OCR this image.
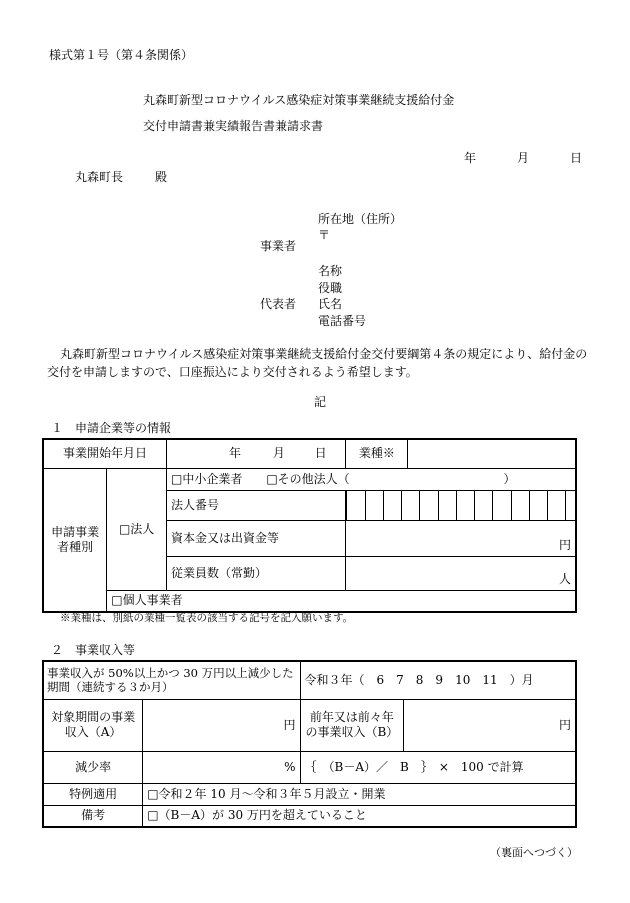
様式第１号（第４条関係）
丸森町新型コロナウイルス感染症対策事業継続支援給付金
交付申請書兼実績報告書兼請求書
年	月	日
丸森町長	殿
所在地（住所）
〒
事業者
名称
役職
代表者 氏名
電話番号
丸森町新型コロナウイルス感染症対策事業継続支援給付金交付要綱第４条の規定により、給付金の交付を申請しますので、口座振込により交付されるよう希望します。
記
１　申請企業等の情報
事業開始年月日	年	月 日	業種※	
申請事業者種別	□法人	□中小企業者　　□その他法人（	）
法人番号	

資本金又は出資金等	円
従業員数（常勤）	人
□個人事業者
※業種は、別紙の業種一覧表の該当する記号を記入願います。
２　事業収入等
事業収入が 50%以上かつ 30 万円以上減少した期間（連続する３か月）		令和３年（　6　7　8　9　10　11　）月	
対象期間の事業収入（A）	円	前年又は前々年の事業収入（B）	円
減少率	%	｛　（B－A）／　B　｝　×　100 で計算	
特例適用	□令和２年 10 月～令和３年５月設立・開業		
備考	□（B－A）が 30 万円を超えていること		
（裏面へつづく）
